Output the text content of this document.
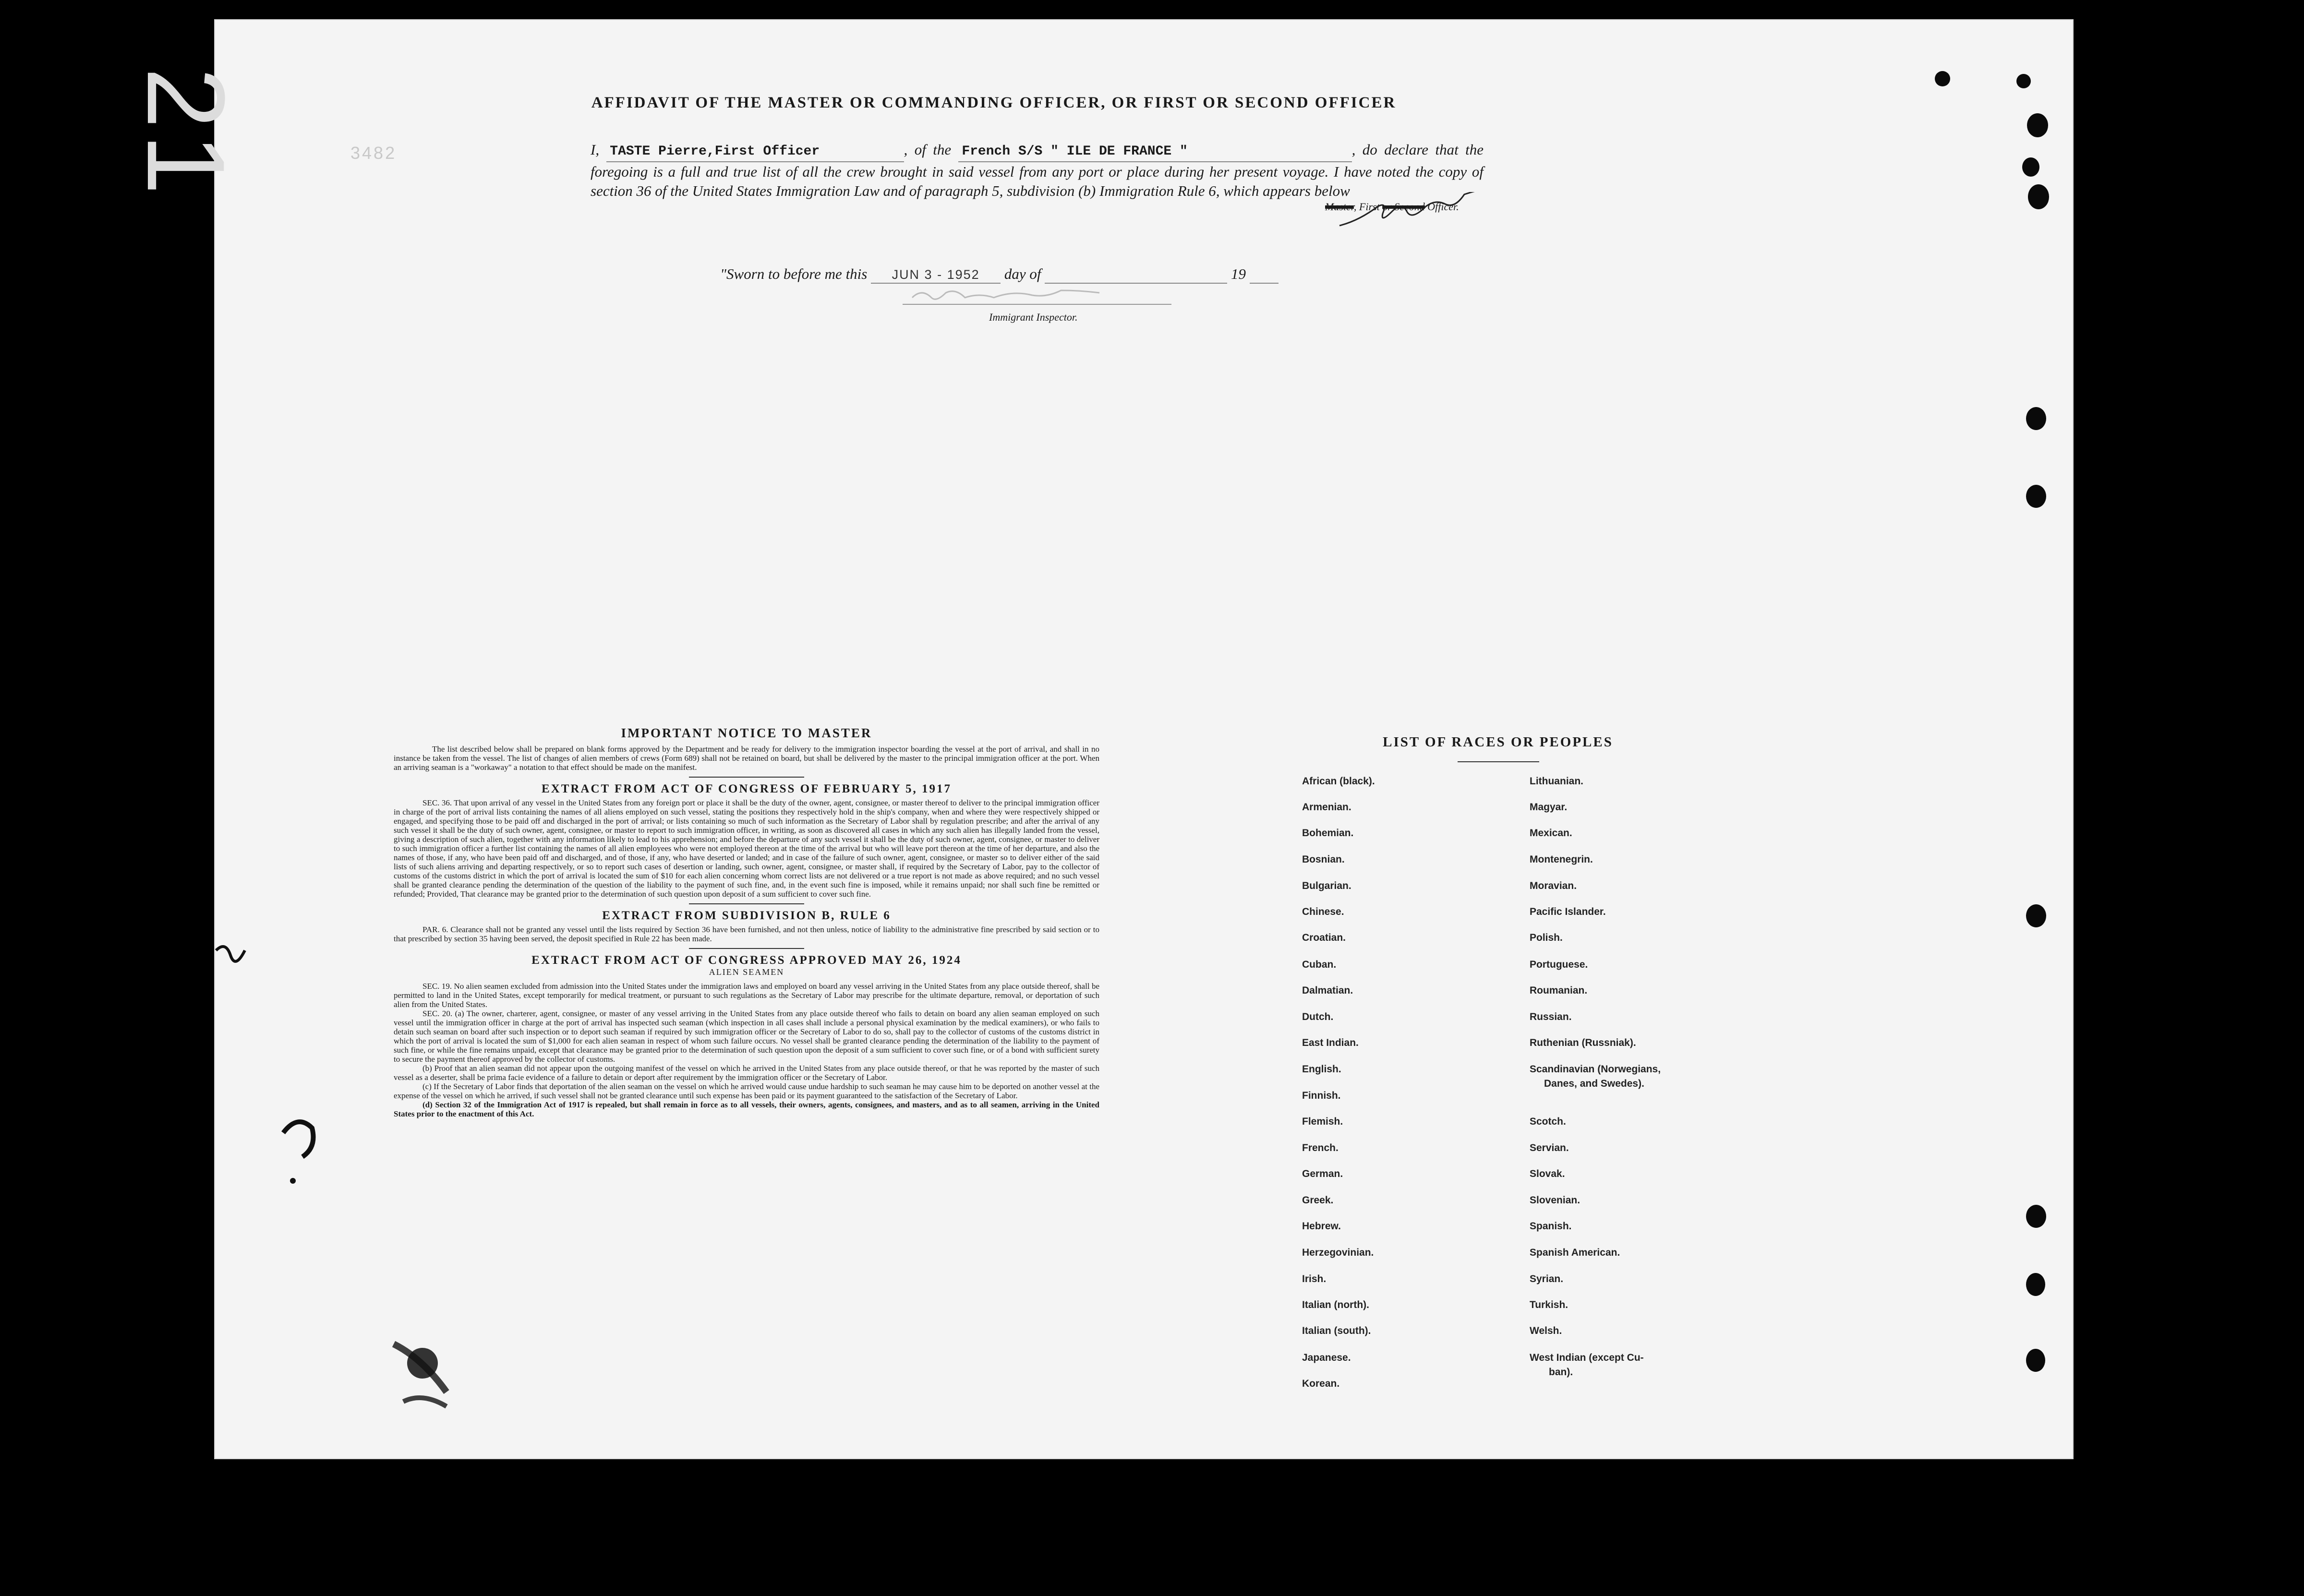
21	3482
AFFIDAVIT OF THE MASTER OR COMMANDING OFFICER, OR FIRST OR SECOND OFFICER
I, TASTE Pierre,First Officer	, of the French S/S " ILE DE FRANCE "	, do declare that the foregoing is a full and true list of all the crew brought in said vessel from any port or place during her present voyage. I have noted the copy of section 36 of the United States Immigration Law and of paragraph 5, subdivision (b) Immigration Rule 6, which appears below
Master, First or Second Officer.
"Sworn to before me this JUN 3 - 1952 day of	19
Immigrant Inspector.
IMPORTANT NOTICE TO MASTER
The list described below shall be prepared on blank forms approved by the Department and be ready for delivery to the immigration inspector boarding the vessel at the port of arrival, and shall in no instance be taken from the vessel. The list of changes of alien members of crews (Form 689) shall not be retained on board, but shall be delivered by the master to the principal immigration officer at the port. When an arriving seaman is a "workaway" a notation to that effect should be made on the manifest.
EXTRACT FROM ACT OF CONGRESS OF FEBRUARY 5, 1917
SEC. 36. That upon arrival of any vessel in the United States from any foreign port or place it shall be the duty of the owner, agent, consignee, or master thereof to deliver to the principal immigration officer in charge of the port of arrival lists containing the names of all aliens employed on such vessel, stating the positions they respectively hold in the ship's company, when and where they were respectively shipped or engaged, and specifying those to be paid off and discharged in the port of arrival; or lists containing so much of such information as the Secretary of Labor shall by regulation prescribe; and after the arrival of any such vessel it shall be the duty of such owner, agent, consignee, or master to report to such immigration officer, in writing, as soon as discovered all cases in which any such alien has illegally landed from the vessel, giving a description of such alien, together with any information likely to lead to his apprehension; and before the departure of any such vessel it shall be the duty of such owner, agent, consignee, or master to deliver to such immigration officer a further list containing the names of all alien employees who were not employed thereon at the time of the arrival but who will leave port thereon at the time of her departure, and also the names of those, if any, who have been paid off and discharged, and of those, if any, who have deserted or landed; and in case of the failure of such owner, agent, consignee, or master so to deliver either of the said lists of such aliens arriving and departing respectively, or so to report such cases of desertion or landing, such owner, agent, consignee, or master shall, if required by the Secretary of Labor, pay to the collector of customs of the customs district in which the port of arrival is located the sum of $10 for each alien concerning whom correct lists are not delivered or a true report is not made as above required; and no such vessel shall be granted clearance pending the determination of the question of the liability to the payment of such fine, and, in the event such fine is imposed, while it remains unpaid; nor shall such fine be remitted or refunded; Provided, That clearance may be granted prior to the determination of such question upon deposit of a sum sufficient to cover such fine.
EXTRACT FROM SUBDIVISION B, RULE 6
PAR. 6. Clearance shall not be granted any vessel until the lists required by Section 36 have been furnished, and not then unless, notice of liability to the administrative fine prescribed by said section or to that prescribed by section 35 having been served, the deposit specified in Rule 22 has been made.
EXTRACT FROM ACT OF CONGRESS APPROVED MAY 26, 1924
ALIEN SEAMEN
SEC. 19. No alien seamen excluded from admission into the United States under the immigration laws and employed on board any vessel arriving in the United States from any place outside thereof, shall be permitted to land in the United States, except temporarily for medical treatment, or pursuant to such regulations as the Secretary of Labor may prescribe for the ultimate departure, removal, or deportation of such alien from the United States.
SEC. 20. (a) The owner, charterer, agent, consignee, or master of any vessel arriving in the United States from any place outside thereof who fails to detain on board any alien seaman employed on such vessel until the immigration officer in charge at the port of arrival has inspected such seaman (which inspection in all cases shall include a personal physical examination by the medical examiners), or who fails to detain such seaman on board after such inspection or to deport such seaman if required by such immigration officer or the Secretary of Labor to do so, shall pay to the collector of customs of the customs district in which the port of arrival is located the sum of $1,000 for each alien seaman in respect of whom such failure occurs. No vessel shall be granted clearance pending the determination of the liability to the payment of such fine, or while the fine remains unpaid, except that clearance may be granted prior to the determination of such question upon the deposit of a sum sufficient to cover such fine, or of a bond with sufficient surety to secure the payment thereof approved by the collector of customs.
(b) Proof that an alien seaman did not appear upon the outgoing manifest of the vessel on which he arrived in the United States from any place outside thereof, or that he was reported by the master of such vessel as a deserter, shall be prima facie evidence of a failure to detain or deport after requirement by the immigration officer or the Secretary of Labor.
(c) If the Secretary of Labor finds that deportation of the alien seaman on the vessel on which he arrived would cause undue hardship to such seaman he may cause him to be deported on another vessel at the expense of the vessel on which he arrived, if such vessel shall not be granted clearance until such expense has been paid or its payment guaranteed to the satisfaction of the Secretary of Labor.
(d) Section 32 of the Immigration Act of 1917 is repealed, but shall remain in force as to all vessels, their owners, agents, consignees, and masters, and as to all seamen, arriving in the United States prior to the enactment of this Act.
LIST OF RACES OR PEOPLES
African (black).
Armenian.
Bohemian.
Bosnian.
Bulgarian.
Chinese.
Croatian.
Cuban.
Dalmatian.
Dutch.
East Indian.
English.
Finnish.
Flemish.
French.
German.
Greek.
Hebrew.
Herzegovinian.
Irish.
Italian (north).
Italian (south).
Japanese.
Korean.
Lithuanian.
Magyar.
Mexican.
Montenegrin.
Moravian.
Pacific Islander.
Polish.
Portuguese.
Roumanian.
Russian.
Ruthenian (Russniak).
Scandinavian (Norwegians,
Danes, and Swedes).
Scotch.
Servian.
Slovak.
Slovenian.
Spanish.
Spanish American.
Syrian.
Turkish.
Welsh.
West Indian (except Cu-
ban).
